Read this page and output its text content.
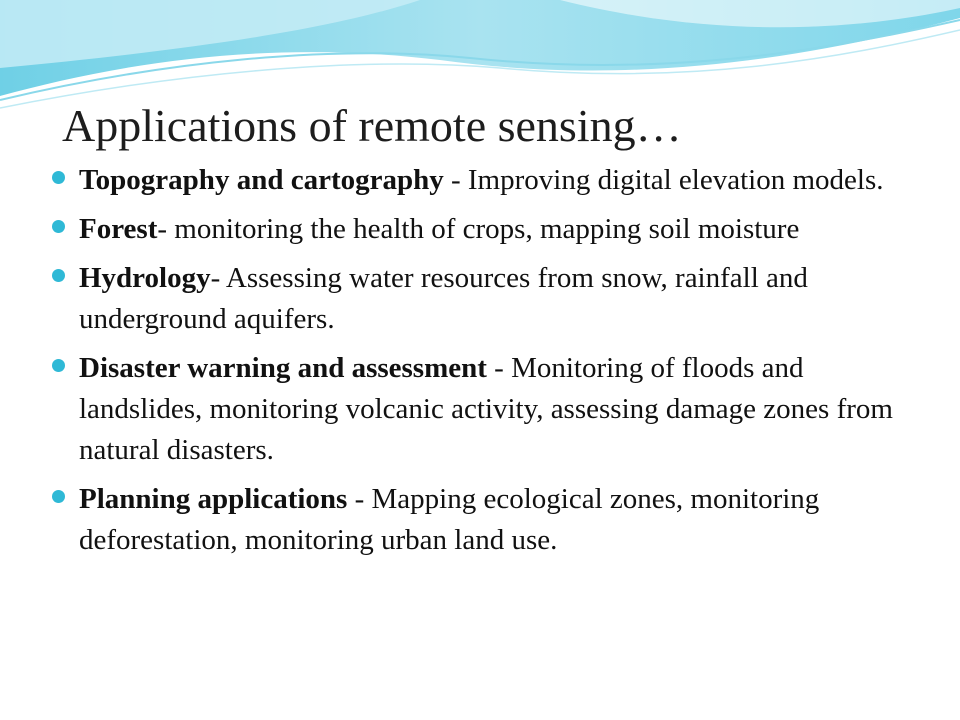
Applications of remote sensing…
Topography and cartography - Improving digital elevation models.
Forest- monitoring the health of crops, mapping soil moisture
Hydrology- Assessing water resources from snow, rainfall and underground aquifers.
Disaster warning and assessment - Monitoring of floods and landslides, monitoring volcanic activity, assessing damage zones from natural disasters.
Planning applications - Mapping ecological zones, monitoring deforestation, monitoring urban land use.
